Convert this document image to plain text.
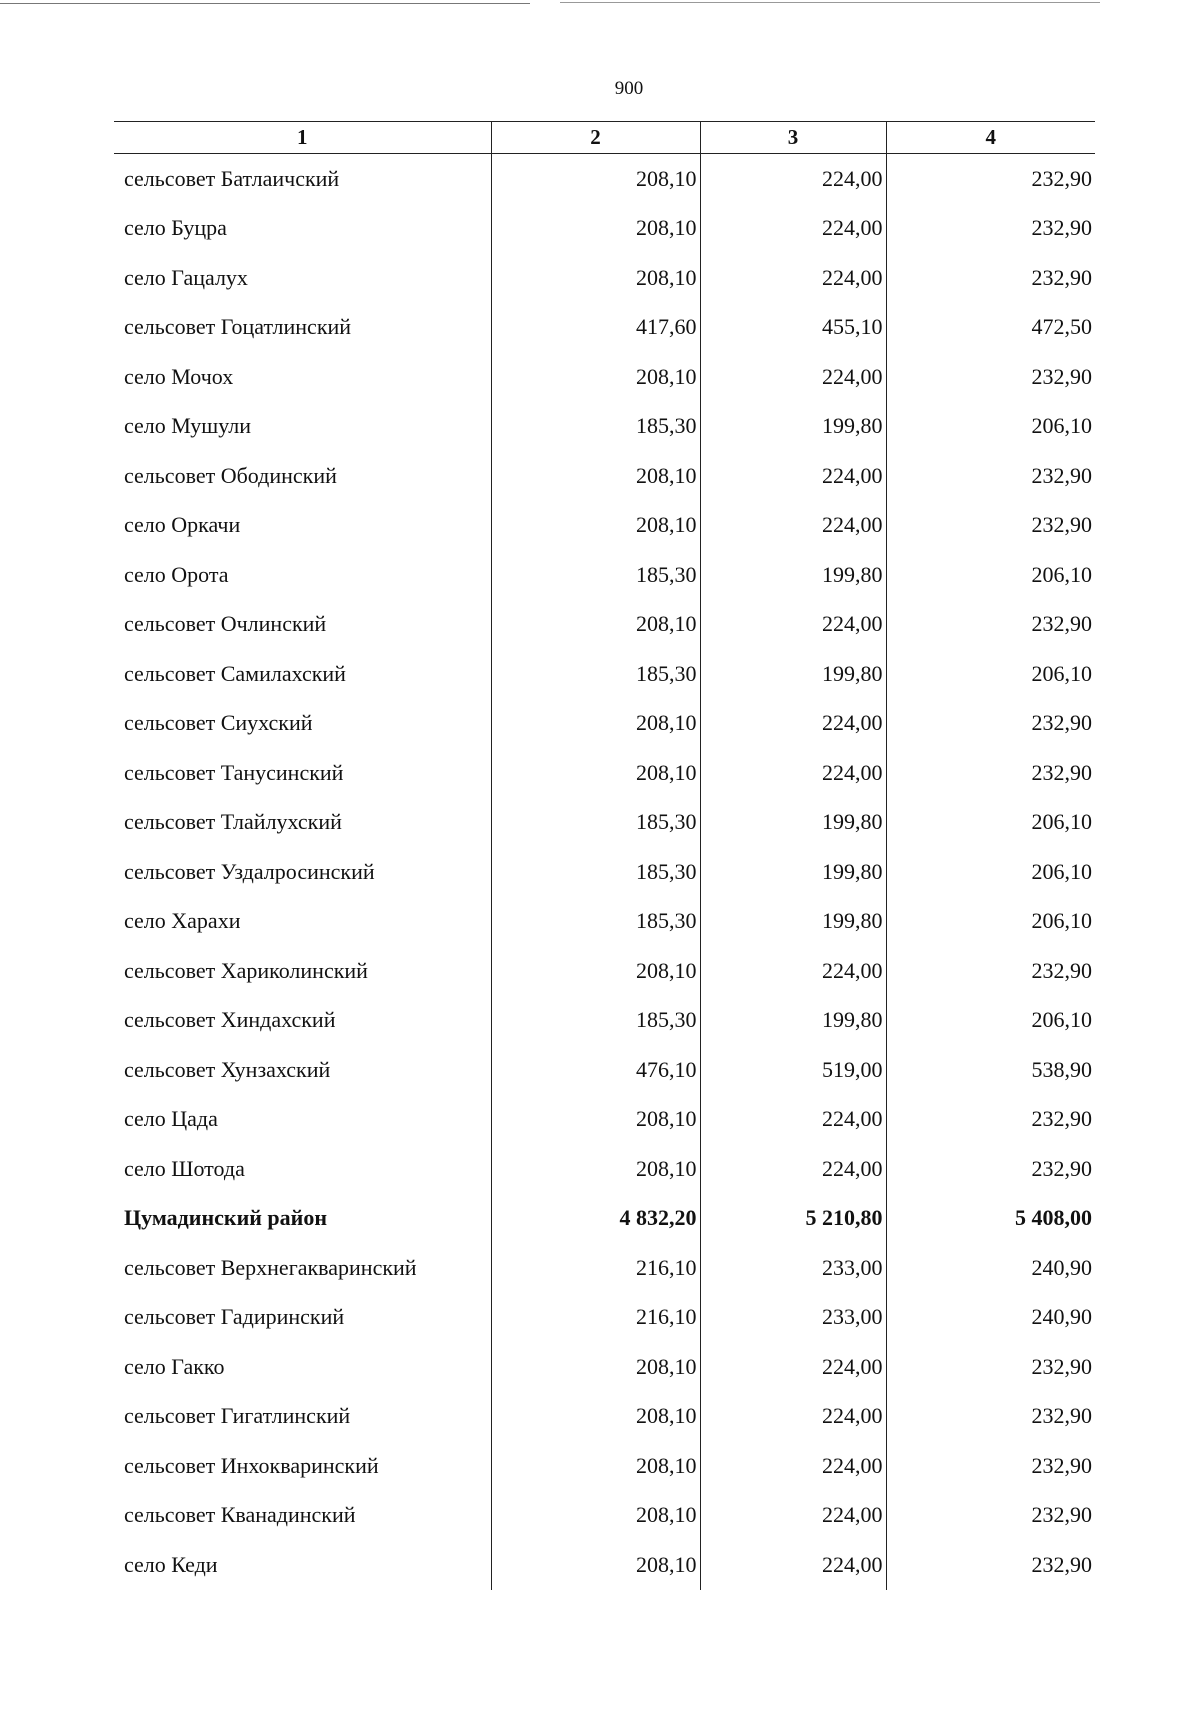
900
1	2	3	4
сельсовет Батлаичский	208,10	224,00	232,90
село Буцра	208,10	224,00	232,90
село Гацалух	208,10	224,00	232,90
сельсовет Гоцатлинский	417,60	455,10	472,50
село Мочох	208,10	224,00	232,90
село Мушули	185,30	199,80	206,10
сельсовет Ободинский	208,10	224,00	232,90
село Оркачи	208,10	224,00	232,90
село Орота	185,30	199,80	206,10
сельсовет Очлинский	208,10	224,00	232,90
сельсовет Самилахский	185,30	199,80	206,10
сельсовет Сиухский	208,10	224,00	232,90
сельсовет Танусинский	208,10	224,00	232,90
сельсовет Тлайлухский	185,30	199,80	206,10
сельсовет Уздалросинский	185,30	199,80	206,10
село Харахи	185,30	199,80	206,10
сельсовет Хариколинский	208,10	224,00	232,90
сельсовет Хиндахский	185,30	199,80	206,10
сельсовет Хунзахский	476,10	519,00	538,90
село Цада	208,10	224,00	232,90
село Шотода	208,10	224,00	232,90
Цумадинский район	4 832,20	5 210,80	5 408,00
сельсовет Верхнегакваринский	216,10	233,00	240,90
сельсовет Гадиринский	216,10	233,00	240,90
село Гакко	208,10	224,00	232,90
сельсовет Гигатлинский	208,10	224,00	232,90
сельсовет Инхокваринский	208,10	224,00	232,90
сельсовет Кванадинский	208,10	224,00	232,90
село Кеди	208,10	224,00	232,90
